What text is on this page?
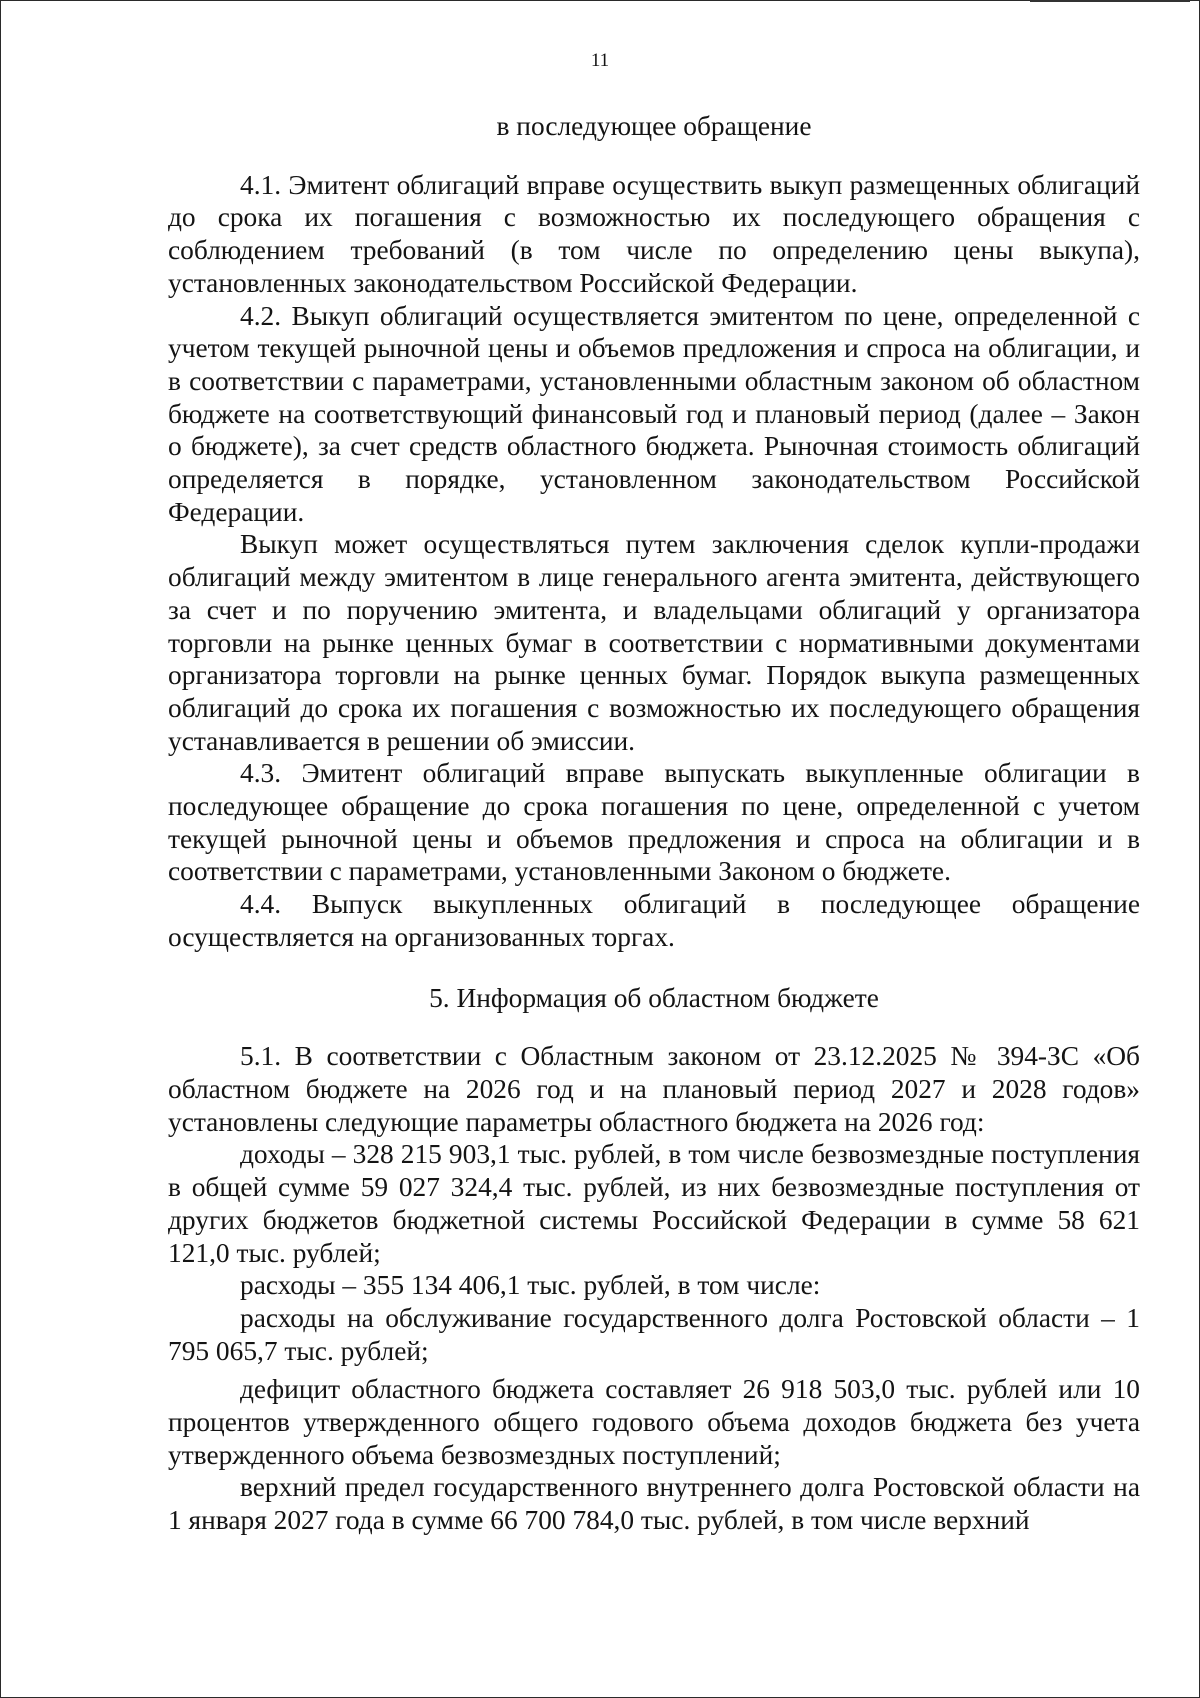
11
в последующее обращение

4.1. Эмитент облигаций вправе осуществить выкуп размещенных облигаций до срока их погашения с возможностью их последующего обращения с соблюдением требований (в том числе по определению цены выкупа), установленных законодательством Российской Федерации.

4.2. Выкуп облигаций осуществляется эмитентом по цене, определенной с учетом текущей рыночной цены и объемов предложения и спроса на облигации, и в соответствии с параметрами, установленными областным законом об областном бюджете на соответствующий финансовый год и плановый период (далее – Закон о бюджете), за счет средств областного бюджета. Рыночная стоимость облигаций определяется в порядке, установленном законодательством Российской Федерации.

Выкуп может осуществляться путем заключения сделок купли-продажи облигаций между эмитентом в лице генерального агента эмитента, действующего за счет и по поручению эмитента, и владельцами облигаций у организатора торговли на рынке ценных бумаг в соответствии с нормативными документами организатора торговли на рынке ценных бумаг. Порядок выкупа размещенных облигаций до срока их погашения с возможностью их последующего обращения устанавливается в решении об эмиссии.

4.3. Эмитент облигаций вправе выпускать выкупленные облигации в последующее обращение до срока погашения по цене, определенной с учетом текущей рыночной цены и объемов предложения и спроса на облигации и в соответствии с параметрами, установленными Законом о бюджете.

4.4. Выпуск выкупленных облигаций в последующее обращение осуществляется на организованных торгах.

5. Информация об областном бюджете

5.1. В соответствии с Областным законом от 23.12.2025 № 394-ЗС «Об областном бюджете на 2026 год и на плановый период 2027 и 2028 годов» установлены следующие параметры областного бюджета на 2026 год:

доходы – 328 215 903,1 тыс. рублей, в том числе безвозмездные поступления в общей сумме 59 027 324,4 тыс. рублей, из них безвозмездные поступления от других бюджетов бюджетной системы Российской Федерации в сумме 58 621 121,0 тыс. рублей;

расходы – 355 134 406,1 тыс. рублей, в том числе:

расходы на обслуживание государственного долга Ростовской области – 1 795 065,7 тыс. рублей;

дефицит областного бюджета составляет 26 918 503,0 тыс. рублей или 10 процентов утвержденного общего годового объема доходов бюджета без учета утвержденного объема безвозмездных поступлений;

верхний предел государственного внутреннего долга Ростовской области на 1 января 2027 года в сумме 66 700 784,0 тыс. рублей, в том числе верхний
